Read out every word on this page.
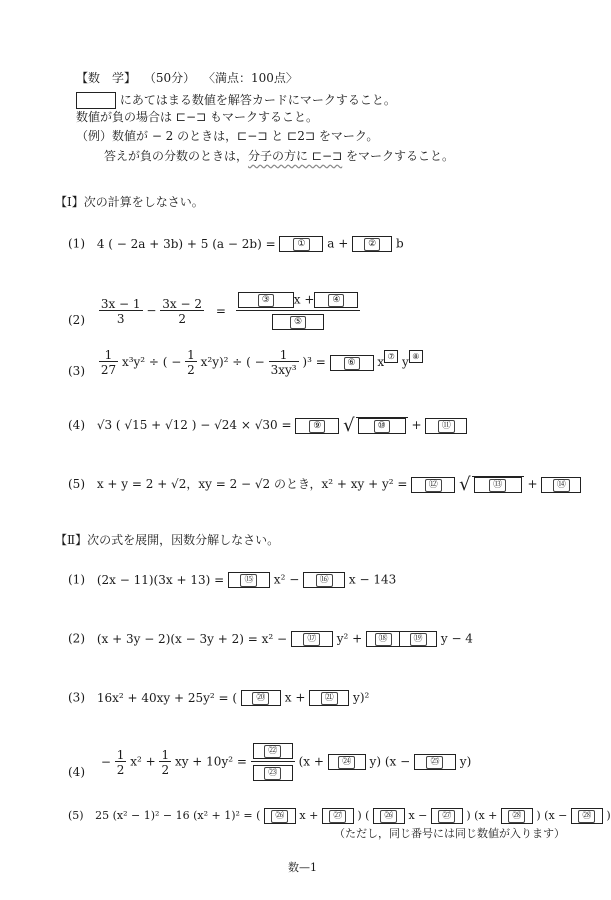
【数　学】 （50分） 〈満点：100点〉
にあてはまる数値を解答カードにマークすること。
数値が負の場合は ⊏−⊐ もマークすること。
（例）数値が − 2 のときは，⊏−⊐ と ⊏2⊐ をマーク。
答えが負の分数のときは，分子の方に ⊏−⊐ をマークすること。
【Ⅰ】次の計算をしなさい。
(1) 4 ( − 2a + 3b) + 5 (a − 2b) = ① a + ② b
$(2) \frac{3x - 1}{3} - \frac{3x - 2}{2} = \frac{\text{③ x + ④}}{\text{⑤}}$
$(3) \frac{1}{27} x^3y^2$ ÷ ( − $\frac{1}{2} x^2y)^2$ ÷ ( − $\frac{1}{\text{3xy³}} )^3$ = ⑥ x ⑦ y ⑧
(4) √3 ( √15 + √12 ) − √24 × √30 = ⑨ √	⑩ + ⑪
(5) x + y = 2 + √2，xy = 2 − √2 のとき，x² + xy + y² = ⑫ √ ⑬ + ⑭
【Ⅱ】次の式を展開，因数分解しなさい。
(1) (2x − 11)(3x + 13) = ⑮ x² − ⑯ x − 143
(2) (x + 3y − 2)(x − 3y + 2) = x² − ⑰ y² + ⑱	⑲ y − 4
(3) 16x² + 40xy + 25y² = ( ⑳ x + ㉑ y)²
$(4) - \frac{1}{2} x^2 + \frac{1}{2}$ xy + $10y^2 = \frac{\text{㉒}}{\text{㉓}} (x$ + ㉔ y) (x − ㉕ y)
(5) 25 (x² − 1)² − 16 (x² + 1)² = ( ㉖ x + ㉗ ) ( ㉖ x − ㉗ ) (x + ㉘ ) (x − ㉘ )
（ただし，同じ番号には同じ数値が入ります）
数—1
